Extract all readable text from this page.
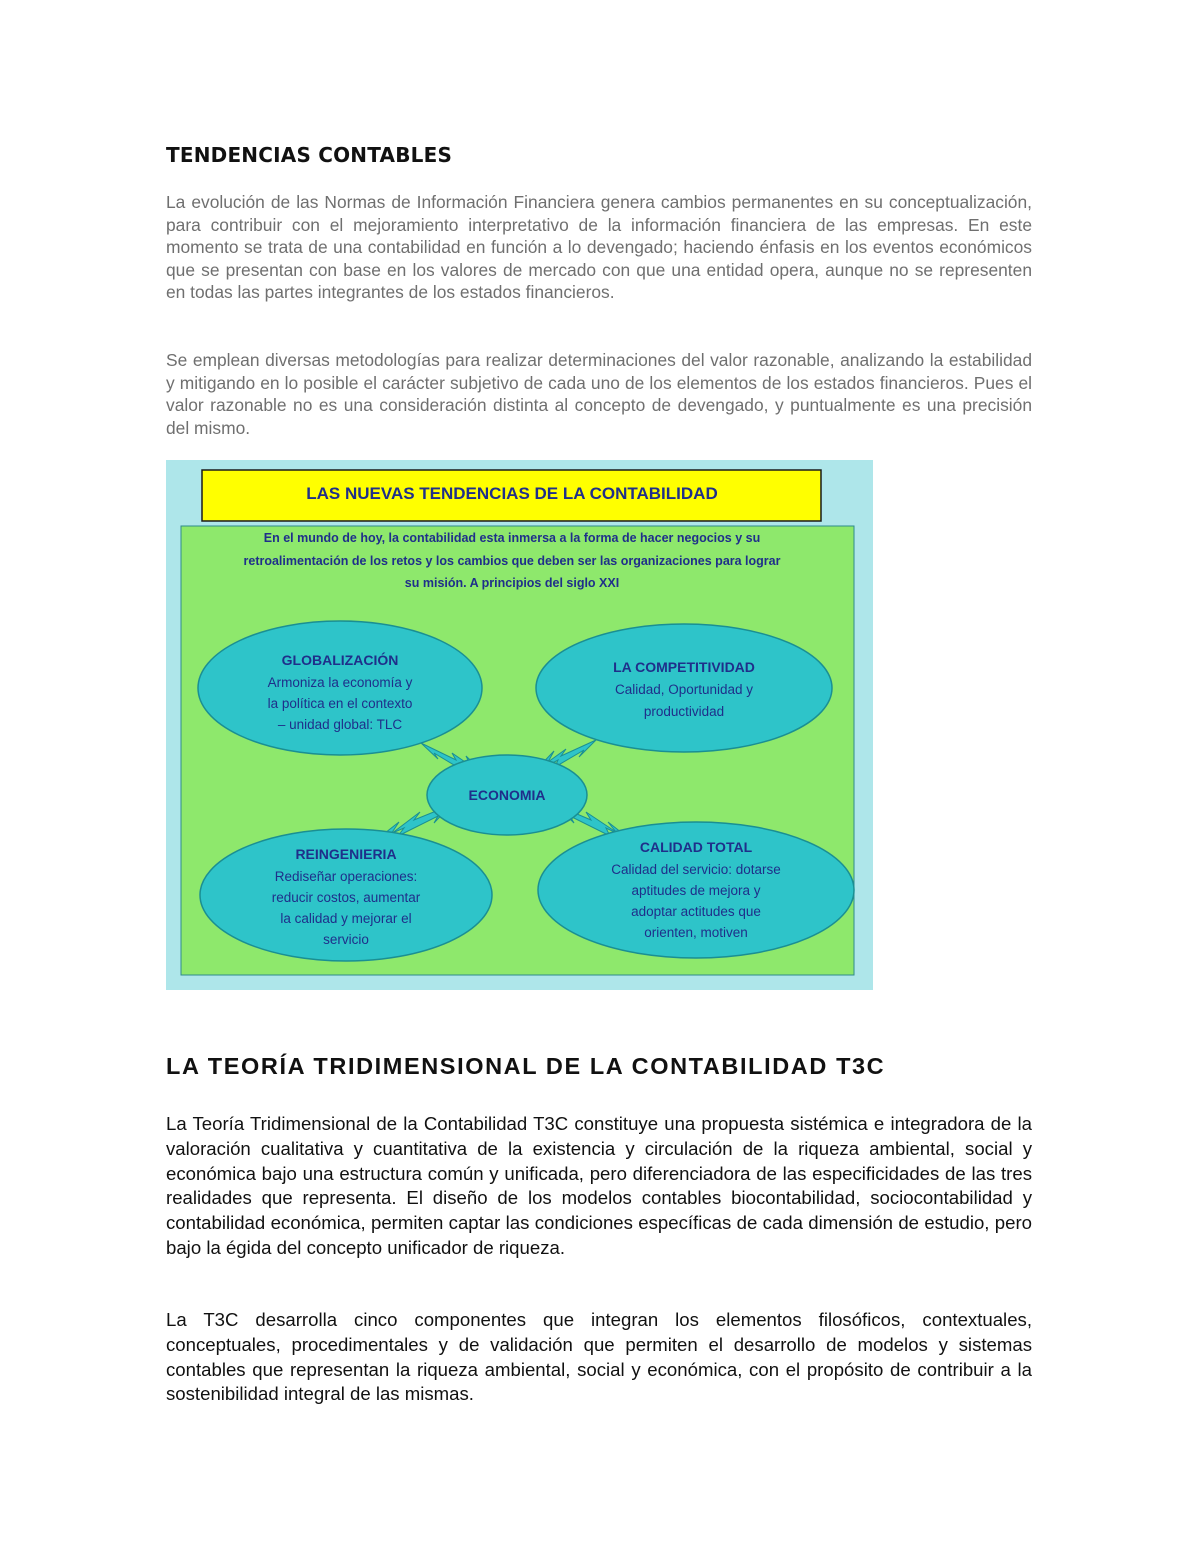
TENDENCIAS CONTABLES

La evolución de las Normas de Información Financiera genera cambios permanentes en su conceptualización, para contribuir con el mejoramiento interpretativo de la información financiera de las empresas. En este momento se trata de una contabilidad en función a lo devengado; haciendo énfasis en los eventos económicos que se presentan con base en los valores de mercado con que una entidad opera, aunque no se representen en todas las partes integrantes de los estados financieros.

Se emplean diversas metodologías para realizar determinaciones del valor razonable, analizando la estabilidad y mitigando en lo posible el carácter subjetivo de cada uno de los elementos de los estados financieros. Pues el valor razonable no es una consideración distinta al concepto de devengado, y puntualmente es una precisión del mismo.

LA TEORÍA TRIDIMENSIONAL DE LA CONTABILIDAD T3C

La Teoría Tridimensional de la Contabilidad T3C constituye una propuesta sistémica e integradora de la valoración cualitativa y cuantitativa de la existencia y circulación de la riqueza ambiental, social y económica bajo una estructura común y unificada, pero diferenciadora de las especificidades de las tres realidades que representa. El diseño de los modelos contables biocontabilidad, sociocontabilidad y contabilidad económica, permiten captar las condiciones específicas de cada dimensión de estudio, pero bajo la égida del concepto unificador de riqueza.

La T3C desarrolla cinco componentes que integran los elementos filosóficos, contextuales, conceptuales, procedimentales y de validación que permiten el desarrollo de modelos y sistemas contables que representan la riqueza ambiental, social y económica, con el propósito de contribuir a la sostenibilidad integral de las mismas.

LAS NUEVAS TENDENCIAS DE LA CONTABILIDAD
En el mundo de hoy, la contabilidad esta inmersa a la forma de hacer negocios y su
retroalimentación de los retos y los cambios que deben ser las organizaciones para lograr
su misión. A principios del siglo XXI
ECONOMIA
GLOBALIZACIÓN
Armoniza la economía y
la política en el contexto
– unidad global: TLC
LA COMPETITIVIDAD
Calidad, Oportunidad y
productividad
REINGENIERIA
Rediseñar operaciones:
reducir costos, aumentar
la calidad y mejorar el
servicio
CALIDAD TOTAL
Calidad del servicio: dotarse
aptitudes de mejora y
adoptar actitudes que
orienten, motiven
